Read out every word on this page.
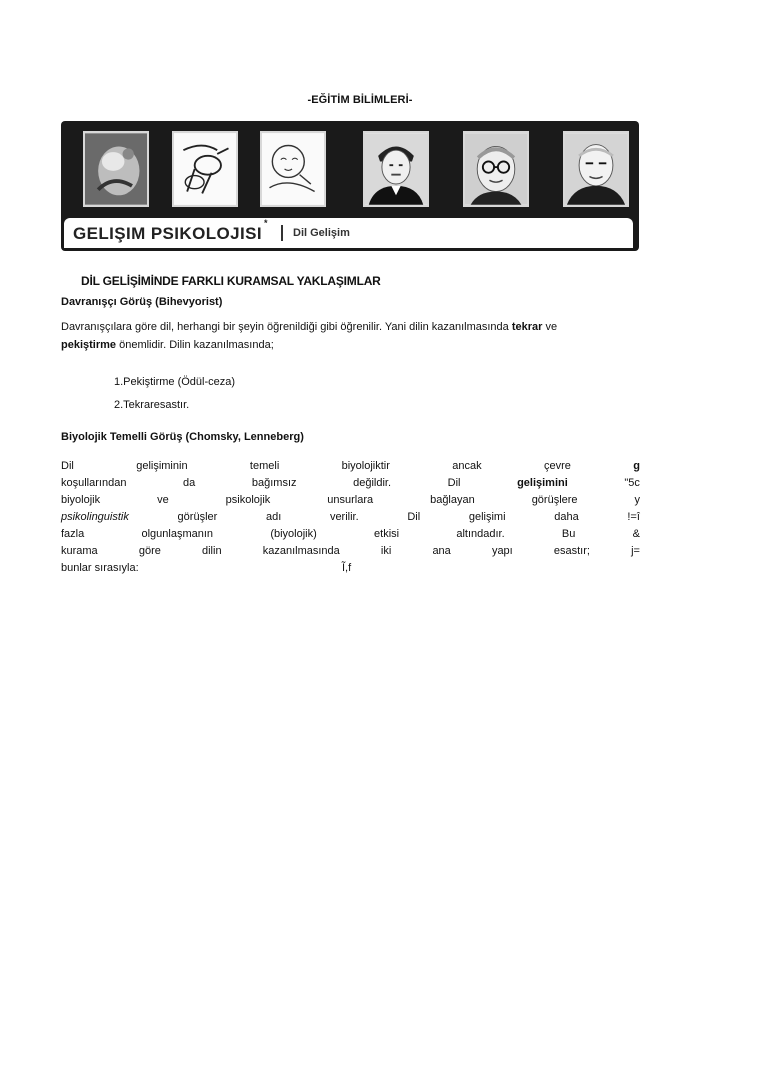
-EĞİTİM BİLİMLERİ-
GELIŞIM PSIKOLOJISI
*
Dil Gelişim
DİL GELİŞİMİNDE FARKLI KURAMSAL YAKLAŞIMLAR
Davranışçı Görüş (Bihevyorist)
Davranışçılara göre dil, herhangi bir şeyin öğrenildiği gibi öğrenilir. Yani dilin kazanılmasında tekrar ve
pekiştirme önemlidir. Dilin kazanılmasında;
1.Pekiştirme (Ödül-ceza)
2.Tekraresastır.
Biyolojik Temelli Görüş (Chomsky, Lenneberg)
Dil	gelişiminin	temeli	biyolojiktir	ancak	çevre	g
koşullarından	da	bağımsız	değildir.	Dil	gelişimini	"5c
biyolojik	ve	psikolojik	unsurlara	bağlayan	görüşlere	y
psikolinguistik	görüşler	adı	verilir.	Dil	gelişimi	daha	!=î
fazla	olgunlaşmanın	(biyolojik)	etkisi	altındadır.	Bu	&
kurama	göre	dilin	kazanılmasında	iki	ana	yapı	esastır;	j=
bunlar sırasıyla:	Ĩ,f
